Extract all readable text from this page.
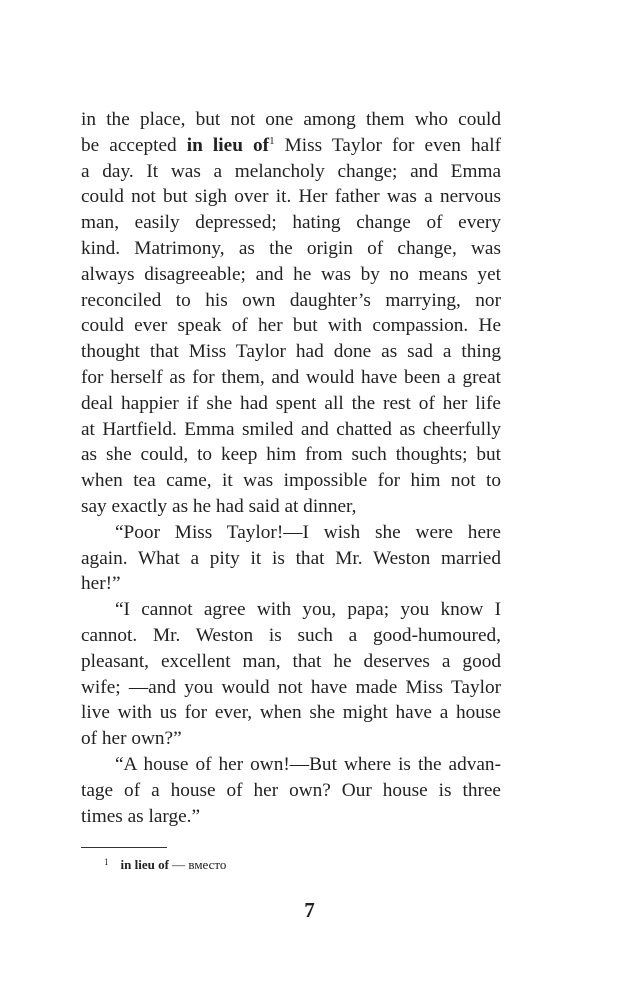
in the place, but not one among them who could
be accepted in lieu of$^1$ Miss Taylor for even half
a day. It was a melancholy change; and Emma
could not but sigh over it. Her father was a nervous
man, easily depressed; hating change of every
kind. Matrimony, as the origin of change, was
always disagreeable; and he was by no means yet
reconciled to his own daughter’s marrying, nor
could ever speak of her but with compassion. He
thought that Miss Taylor had done as sad a thing
for herself as for them, and would have been a great
deal happier if she had spent all the rest of her life
at Hartfield. Emma smiled and chatted as cheerfully
as she could, to keep him from such thoughts; but
when tea came, it was impossible for him not to
say exactly as he had said at dinner,
“Poor Miss Taylor!—I wish she were here
again. What a pity it is that Mr. Weston married
her!”
“I cannot agree with you, papa; you know I
cannot. Mr. Weston is such a good-humoured,
pleasant, excellent man, that he deserves a good
wife; —and you would not have made Miss Taylor
live with us for ever, when she might have a house
of her own?”
“A house of her own!—But where is the advan-
tage of a house of her own? Our house is three
times as large.”
$^1$ in lieu of — вместо
7
